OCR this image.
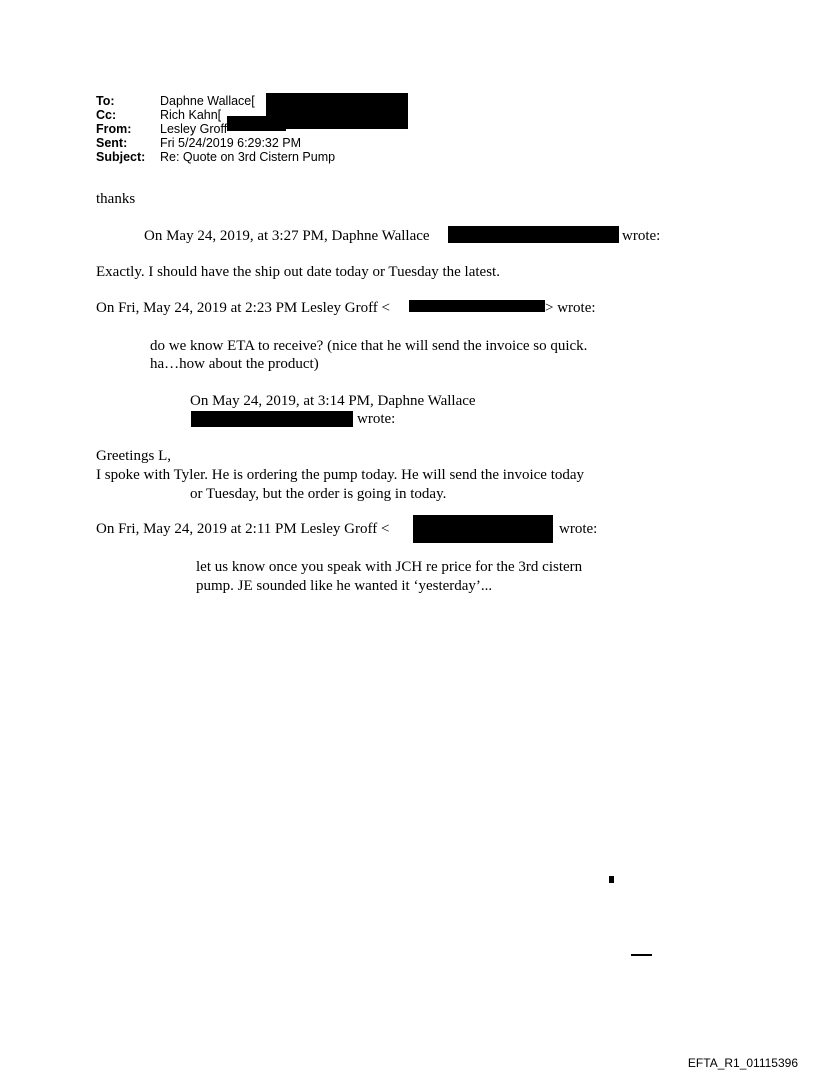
To:	Daphne Wallace[
Cc:	Rich Kahn[
From:	Lesley Groff
Sent:	Fri 5/24/2019 6:29:32 PM
Subject:	Re: Quote on 3rd Cistern Pump
thanks
On May 24, 2019, at 3:27 PM, Daphne Wallace	wrote:
Exactly. I should have the ship out date today or Tuesday the latest.
On Fri, May 24, 2019 at 2:23 PM Lesley Groff <	> wrote:
do we know ETA to receive? (nice that he will send the invoice so quick.
ha…how about the product)
On May 24, 2019, at 3:14 PM, Daphne Wallace
wrote:
Greetings L,
I spoke with Tyler. He is ordering the pump today. He will send the invoice today
or Tuesday, but the order is going in today.
On Fri, May 24, 2019 at 2:11 PM Lesley Groff <	wrote:
let us know once you speak with JCH re price for the 3rd cistern
pump. JE sounded like he wanted it ‘yesterday’...
EFTA_R1_01115396
